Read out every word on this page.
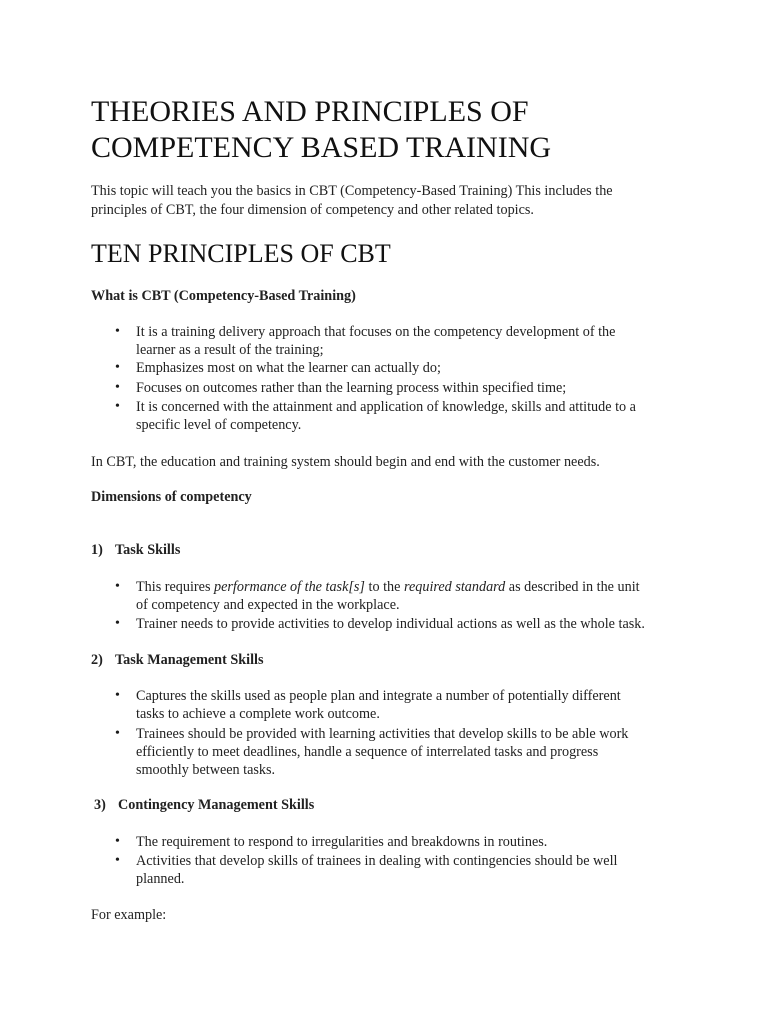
THEORIES AND PRINCIPLES OF
COMPETENCY BASED TRAINING

This topic will teach you the basics in CBT (Competency-Based Training) This includes the

principles of CBT, the four dimension of competency and other related topics.

TEN PRINCIPLES OF CBT

What is CBT (Competency-Based Training)

• It is a training delivery approach that focuses on the competency development of the
learner as a result of the training;
• Emphasizes most on what the learner can actually do;
• Focuses on outcomes rather than the learning process within specified time;
• It is concerned with the attainment and application of knowledge, skills and attitude to a
specific level of competency.

In CBT, the education and training system should begin and end with the customer needs.

Dimensions of competency

1) Task Skills

• This requires performance of the task[s] to the required standard as described in the unit
of competency and expected in the workplace.
• Trainer needs to provide activities to develop individual actions as well as the whole task.

2) Task Management Skills

• Captures the skills used as people plan and integrate a number of potentially different
tasks to achieve a complete work outcome.
• Trainees should be provided with learning activities that develop skills to be able work
efficiently to meet deadlines, handle a sequence of interrelated tasks and progress
smoothly between tasks.

3) Contingency Management Skills

• The requirement to respond to irregularities and breakdowns in routines.
• Activities that develop skills of trainees in dealing with contingencies should be well
planned.

For example:
